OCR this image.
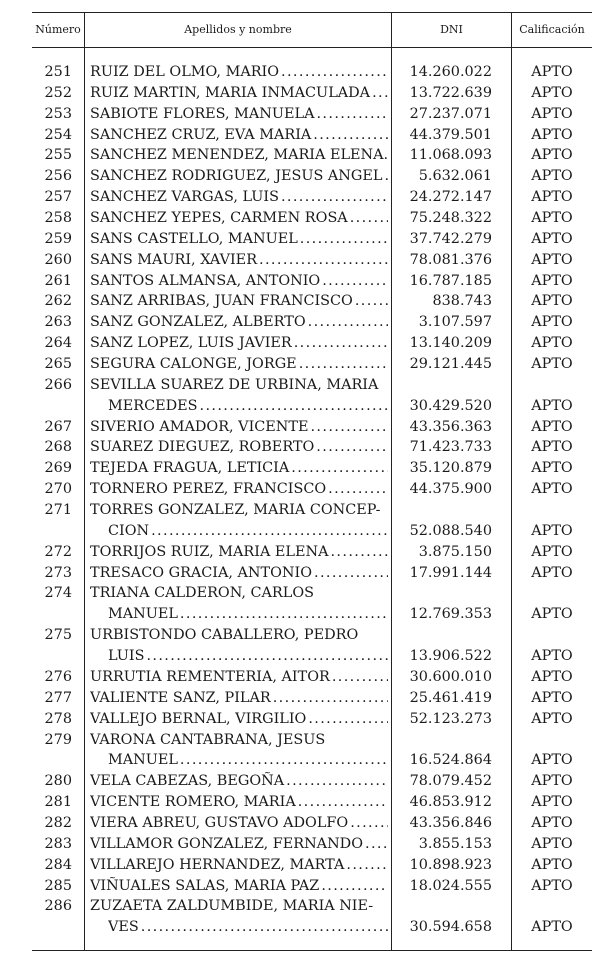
Número	Apellidos y nombre	DNI	Calificación
251 RUIZ DEL OLMO, MARIO . . .	14.260.022	APTO
252 RUIZ MARTIN, MARIA INMACULADA . . .	13.722.639	APTO
253 SABIOTE FLORES, MANUELA . . .	27.237.071	APTO
254 SANCHEZ CRUZ, EVA MARIA . . .	44.379.501	APTO
255 SANCHEZ MENENDEZ, MARIA ELENA.	11.068.093	APTO
256 SANCHEZ RODRIGUEZ, JESUS ANGEL . . .	5.632.061	APTO
257 SANCHEZ VARGAS, LUIS . . .	24.272.147	APTO
258 SANCHEZ YEPES, CARMEN ROSA . . .	75.248.322	APTO
259 SANS CASTELLO, MANUEL . . .	37.742.279	APTO
260 SANS MAURI, XAVIER . . .	78.081.376	APTO
261 SANTOS ALMANSA, ANTONIO . . .	16.787.185	APTO
262 SANZ ARRIBAS, JUAN FRANCISCO . . .	838.743	APTO
263 SANZ GONZALEZ, ALBERTO . . .	3.107.597	APTO
264 SANZ LOPEZ, LUIS JAVIER . . .	13.140.209	APTO
265 SEGURA CALONGE, JORGE . . .	29.121.445	APTO
266 SEVILLA SUAREZ DE URBINA, MARIA
MERCEDES . . .	30.429.520	APTO
267 SIVERIO AMADOR, VICENTE . . .	43.356.363	APTO
268 SUAREZ DIEGUEZ, ROBERTO . . .	71.423.733	APTO
269 TEJEDA FRAGUA, LETICIA . . .	35.120.879	APTO
270 TORNERO PEREZ, FRANCISCO . . .	44.375.900	APTO
271 TORRES GONZALEZ, MARIA CONCEP-
CION . . .	52.088.540	APTO
272 TORRIJOS RUIZ, MARIA ELENA . . .	3.875.150	APTO
273 TRESACO GRACIA, ANTONIO . . .	17.991.144	APTO
274 TRIANA CALDERON, CARLOS
MANUEL . . .	12.769.353	APTO
275 URBISTONDO CABALLERO, PEDRO
LUIS . . .	13.906.522	APTO
276 URRUTIA REMENTERIA, AITOR . . .	30.600.010	APTO
277 VALIENTE SANZ, PILAR . . .	25.461.419	APTO
278 VALLEJO BERNAL, VIRGILIO . . .	52.123.273	APTO
279 VARONA CANTABRANA, JESUS
MANUEL . . .	16.524.864	APTO
280 VELA CABEZAS, BEGOÑA . . .	78.079.452	APTO
281 VICENTE ROMERO, MARIA . . .	46.853.912	APTO
282 VIERA ABREU, GUSTAVO ADOLFO . . .	43.356.846	APTO
283 VILLAMOR GONZALEZ, FERNANDO . . .	3.855.153	APTO
284 VILLAREJO HERNANDEZ, MARTA . . .	10.898.923	APTO
285 VIÑUALES SALAS, MARIA PAZ . . .	18.024.555	APTO
286 ZUZAETA ZALDUMBIDE, MARIA NIE-
VES . . .	30.594.658	APTO
